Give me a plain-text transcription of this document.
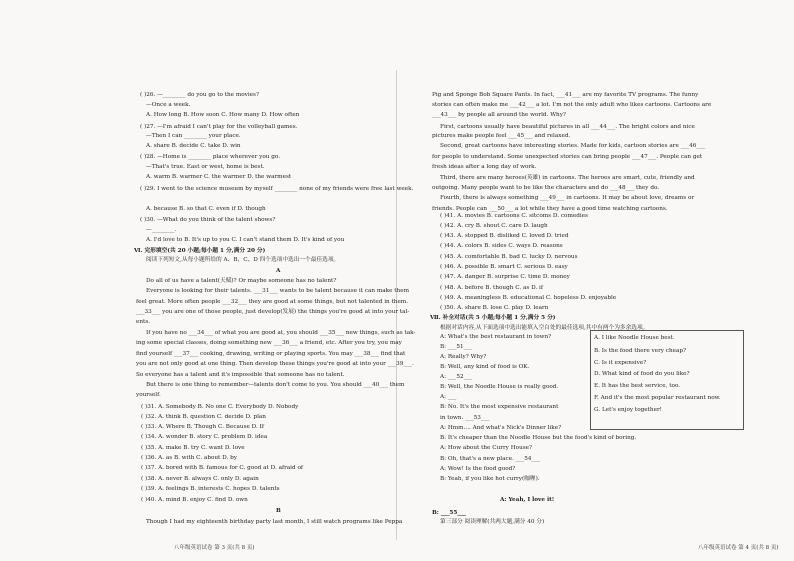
( )26. —________ do you go to the movies?
—Once a week.
A. How long B. How soon C. How many D. How often
( )27. —I'm afraid I can't play for the volleyball games.
—Then I can ________ your place.
A. share B. decide C. take D. win
( )28. —Home is ________ place wherever you go.
—That's true. East or west, home is best.
A. warm B. warmer C. the warmer D. the warmest
( )29. I went to the science museum by myself ________ none of my friends were free last week.
A. because B. so that C. even if D. though
( )30. —What do you think of the talent shows?
—________.
A. I'd love to B. It's up to you C. I can't stand them D. It's kind of you
Ⅵ. 完形填空(共 20 小题;每小题 1 分,满分 20 分)
阅读下列短文,从每小题所给的 A、B、C、D 四个选项中选出一个最佳选项。
A
Do all of us have a talent(天赋)? Or maybe someone has no talent?
Everyone is looking for their talents. ___31___ wants to be talent because it can make them
feel great. More often people ___32___ they are good at some things, but not talented in them.
___33___ you are one of those people, just develop(发展) the things you're good at into your tal-
ents.
If you have no ___34___ of what you are good at, you should ___35___ new things, such as tak-
ing some special classes, doing something new ___36___ a friend, etc. After you try, you may
find yourself ___37___ cooking, drawing, writing or playing sports. You may ___38___ find that
you are not only good at one thing. Then develop these things you're good at into your ___39___.
So everyone has a talent and it's impossible that someone has no talent.
But there is one thing to remember—talents don't come to you. You should ___40___ them
yourself.
( )31. A. Somebody B. No one C. Everybody D. Nobody
( )32. A. think B. question C. decide D. plan
( )33. A. Where B. Though C. Because D. If
( )34. A. wonder B. story C. problem D. idea
( )35. A. make B. try C. want D. love
( )36. A. as B. with C. about D. by
( )37. A. bored with B. famous for C. good at D. afraid of
( )38. A. never B. always C. only D. again
( )39. A. feelings B. interests C. hopes D. talents
( )40. A. mind B. enjoy C. find D. own
B
Though I had my eighteenth birthday party last month, I still watch programs like Peppa
Pig and Sponge Bob Square Pants. In fact, ___41___ are my favorite TV programs. The funny
stories can often make me ___42___ a lot. I'm not the only adult who likes cartoons. Cartoons are
___43___ by people all around the world. Why?
First, cartoons usually have beautiful pictures in all ___44___. The bright colors and nice
pictures make people feel ___45___ and relaxed.
Second, great cartoons have interesting stories. Made for kids, cartoon stories are ___46___
for people to understand. Some unexpected stories can bring people ___47___. People can get
fresh ideas after a long day of work.
Third, there are many heroes(英雄) in cartoons. The heroes are smart, cute, friendly and
outgoing. Many people want to be like the characters and do ___48___ they do.
Fourth, there is always something ___49___ in cartoons. It may be about love, dreams or
friends. People can ___50___ a lot while they have a good time watching cartoons.
( )41. A. movies B. cartoons C. sitcoms D. comedies
( )42. A. cry B. shout C. care D. laugh
( )43. A. stopped B. disliked C. loved D. tried
( )44. A. colors B. sides C. ways D. reasons
( )45. A. comfortable B. bad C. lucky D. nervous
( )46. A. possible B. smart C. serious D. easy
( )47. A. danger B. surprise C. time D. money
( )48. A. before B. though C. as D. if
( )49. A. meaningless B. educational C. hopeless D. enjoyable
( )50. A. share B. lose C. play D. learn
Ⅶ. 补全对话(共 5 小题;每小题 1 分,满分 5 分)
根据对话内容,从下面选项中选出能填入空白处的最佳选项,其中有两个为多余选项。
A: What's the best restaurant in town?
B: ___51___
A: Really? Why?
B: Well, any kind of food is OK.
A: ___52___
B: Well, the Noodle House is really good.
A: ___
B: No. It's the most expensive restaurant
in town. ___53___
A: Hmm.... And what's Nick's Dinner like?
B: It's cheaper than the Noodle House but the food's kind of boring.
A: How about the Curry House?
B: Oh, that's a new place. ___54___
A: Wow! Is the food good?
B: Yeah, if you like hot curry(咖喱).
A: Yeah, I love it!
B: ___55___
第三部分 阅读理解(共两大题,满分 40 分)
A. I like Noodle House best.
B. Is the food there very cheap?
C. Is it expensive?
D. What kind of food do you like?
E. It has the best service, too.
F. And it's the most popular restaurant now.
G. Let's enjoy together!
八年级英语试卷 第 3 页(共 8 页)	八年级英语试卷 第 4 页(共 8 页)
